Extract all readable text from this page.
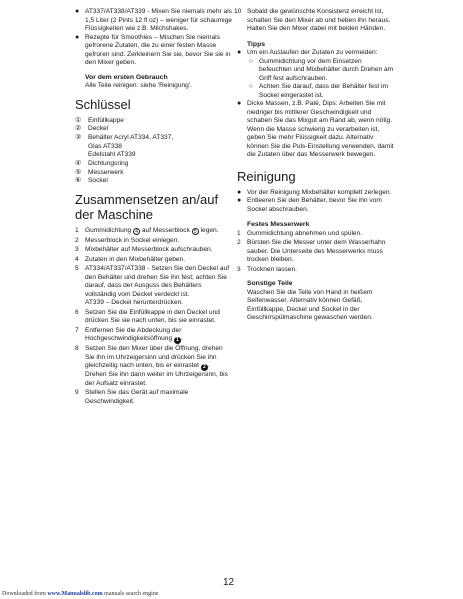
● AT337/AT338/AT339 - Mixen Sie niemals mehr als 1,5 Liter (2 Pints 12 fl oz) – weniger für schaumige Flüssigkeiten wie z.B. Milchshakes.

● Rezepte für Smoothies – Mischen Sie niemals gefrorene Zutaten, die zu einer festen Masse gefroren sind. Zerkleinern Sie sie, bevor Sie sie in den Mixer geben.

Vor dem ersten Gebrauch
Alle Teile reinigen: siehe 'Reinigung'.
Schlüssel
① Einfüllkappe
② Deckel
③ Behälter Acryl AT334, AT337,
Glas AT338
Edelstahl AT339
④ Dichtungsring
⑤ Messerwerk
⑥ Sockel
Zusammensetzen an/auf der Maschine

1 Gummidichtung 4 auf Messerblock 5 legen.

2 Messerblock in Sockel einlegen.

3 Mixbehälter auf Messerblock aufschrauben.

4 Zutaten in den Mixbehälter geben.

5 AT334/AT337/AT338 - Setzen Sie den Deckel auf den Behälter und drehen Sie ihn fest; achten Sie darauf, dass der Ausguss des Behälters vollständig vom Deckel verdeckt ist.
AT339 – Deckel herunterdrücken.

6 Setzen Sie die Einfüllkappe in den Deckel und drücken Sie sie nach unten, bis sie einrastet.

7 Entfernen Sie die Abdeckung der Hochgeschwindigkeitsöffnung 1 .

8 Setzen Sie den Mixer über die Öffnung, drehen Sie ihn im Uhrzeigersinn und drücken Sie ihn gleichzeitig nach unten, bis er einrastet 2 .
Drehen Sie ihn dann weiter im Uhrzeigersinn, bis der Aufsatz einrastet.

9 Stellen Sie das Gerät auf maximale Geschwindigkeit.

10 Sobald die gewünschte Konsistenz erreicht ist, schalten Sie den Mixer ab und heben ihn heraus. Halten Sie den Mixer dabei mit beiden Händen.

Tipps

● Um ein Auslaufen der Zutaten zu vermeiden:

○ Gummidichtung vor dem Einsetzen befeuchten und Mixbehälter durch Drehen am Griff fest aufschrauben.
○ Achten Sie darauf, dass der Behälter fest im Sockel eingerastet ist.

● Dicke Massen, z.B. Paté, Dips: Arbeiten Sie mit niedriger bis mittlerer Geschwindigkeit und schaben Sie das Mixgut am Rand ab, wenn nötig. Wenn die Masse schwierig zu verarbeiten ist, geben Sie mehr Flüssigkeit dazu. Alternativ können Sie die Puls-Einstellung verwenden, damit die Zutaten über das Messerwerk bewegen.

Reinigung

● Vor der Reinigung Mixbehälter komplett zerlegen.

● Entleeren Sie den Behälter, bevor Sie ihn vom Sockel abschrauben.

Festes Messerwerk

1 Gummidichtung abnehmen und spülen.

2 Bürsten Sie die Messer unter dem Wasserhahn sauber. Die Unterseite des Messerwerks muss trocken bleiben.

3 Trocknen lassen.

Sonstige Teile
Waschen Sie die Teile von Hand in heißem Seifenwasser. Alternativ können Gefäß, Einfüllkappe, Deckel und Sockel in der Geschirrspülmaschine gewaschen werden.
12
Downloaded from www.Manualslib.com manuals search engine
